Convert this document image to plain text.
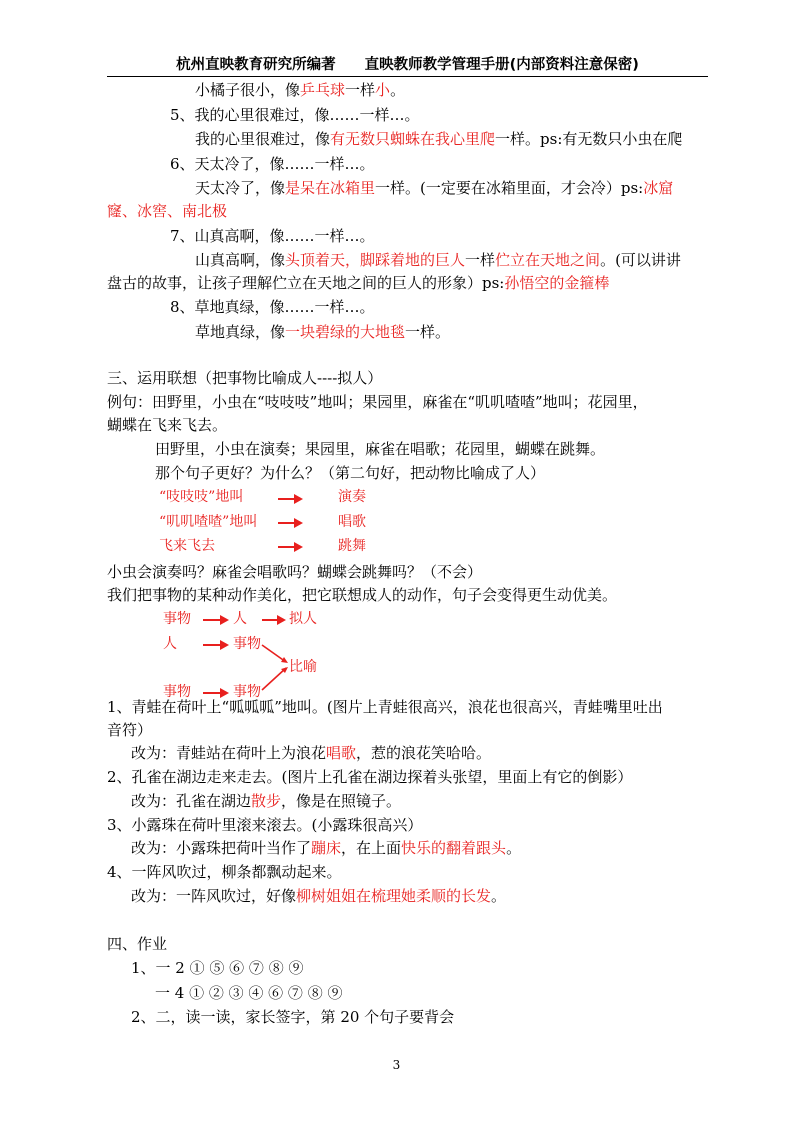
杭州直映教育研究所编著　　直映教师教学管理手册(内部资料注意保密)
小橘子很小，像乒乓球一样小。
5、我的心里很难过，像……一样…。
我的心里很难过，像有无数只蜘蛛在我心里爬一样。ps:有无数只小虫在爬
6、天太冷了，像……一样…。
天太冷了，像是呆在冰箱里一样。(一定要在冰箱里面，才会冷）ps:冰窟
窿、冰窖、南北极
7、山真高啊，像……一样…。
山真高啊，像头顶着天，脚踩着地的巨人一样伫立在天地之间。(可以讲讲
盘古的故事，让孩子理解伫立在天地之间的巨人的形象）ps:孙悟空的金箍棒
8、草地真绿，像……一样…。
草地真绿，像一块碧绿的大地毯一样。
三、运用联想（把事物比喻成人----拟人）
例句：田野里，小虫在“吱吱吱”地叫；果园里，麻雀在“叽叽喳喳”地叫；花园里，
蝴蝶在飞来飞去。
田野里，小虫在演奏；果园里，麻雀在唱歌；花园里，蝴蝶在跳舞。
那个句子更好？为什么？（第二句好，把动物比喻成了人）
“吱吱吱”地叫	演奏
“叽叽喳喳”地叫	唱歌
飞来飞去	跳舞
小虫会演奏吗？麻雀会唱歌吗？蝴蝶会跳舞吗？（不会）
我们把事物的某种动作美化，把它联想成人的动作，句子会变得更生动优美。
事物	人	拟人
人	事物
比喻
事物	事物
1、青蛙在荷叶上“呱呱呱”地叫。(图片上青蛙很高兴，浪花也很高兴，青蛙嘴里吐出
音符）
改为：青蛙站在荷叶上为浪花唱歌，惹的浪花笑哈哈。
2、孔雀在湖边走来走去。(图片上孔雀在湖边探着头张望，里面上有它的倒影）
改为：孔雀在湖边散步，像是在照镜子。
3、小露珠在荷叶里滚来滚去。(小露珠很高兴）
改为：小露珠把荷叶当作了蹦床，在上面快乐的翻着跟头。
4、一阵风吹过，柳条都飘动起来。
改为：一阵风吹过，好像柳树姐姐在梳理她柔顺的长发。
四、作业
1、一 2 ① ⑤ ⑥ ⑦ ⑧ ⑨
一 4 ① ② ③ ④ ⑥ ⑦ ⑧ ⑨
2、二，读一读，家长签字，第 20 个句子要背会
3
